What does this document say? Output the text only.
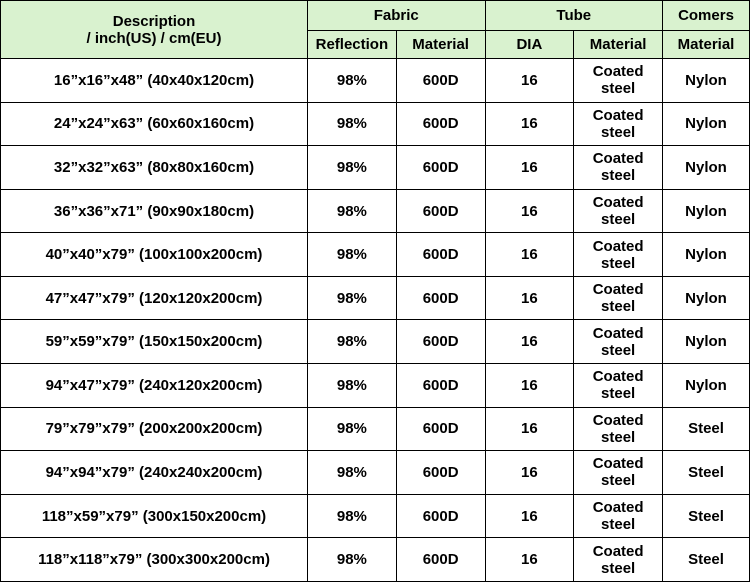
Description
/ inch(US) / cm(EU)	Fabric		Tube		Comers
	Reflection	Material	DIA	Material	Material
16”x16”x48” (40x40x120cm)	98%	600D	16	Coated steel	Nylon
24”x24”x63” (60x60x160cm)	98%	600D	16	Coated steel	Nylon
32”x32”x63” (80x80x160cm)	98%	600D	16	Coated steel	Nylon
36”x36”x71” (90x90x180cm)	98%	600D	16	Coated steel	Nylon
40”x40”x79” (100x100x200cm)	98%	600D	16	Coated steel	Nylon
47”x47”x79” (120x120x200cm)	98%	600D	16	Coated steel	Nylon
59”x59”x79” (150x150x200cm)	98%	600D	16	Coated steel	Nylon
94”x47”x79” (240x120x200cm)	98%	600D	16	Coated steel	Nylon
79”x79”x79” (200x200x200cm)	98%	600D	16	Coated steel	Steel
94”x94”x79” (240x240x200cm)	98%	600D	16	Coated steel	Steel
118”x59”x79” (300x150x200cm)	98%	600D	16	Coated steel	Steel
118”x118”x79” (300x300x200cm)	98%	600D	16	Coated steel	Steel
